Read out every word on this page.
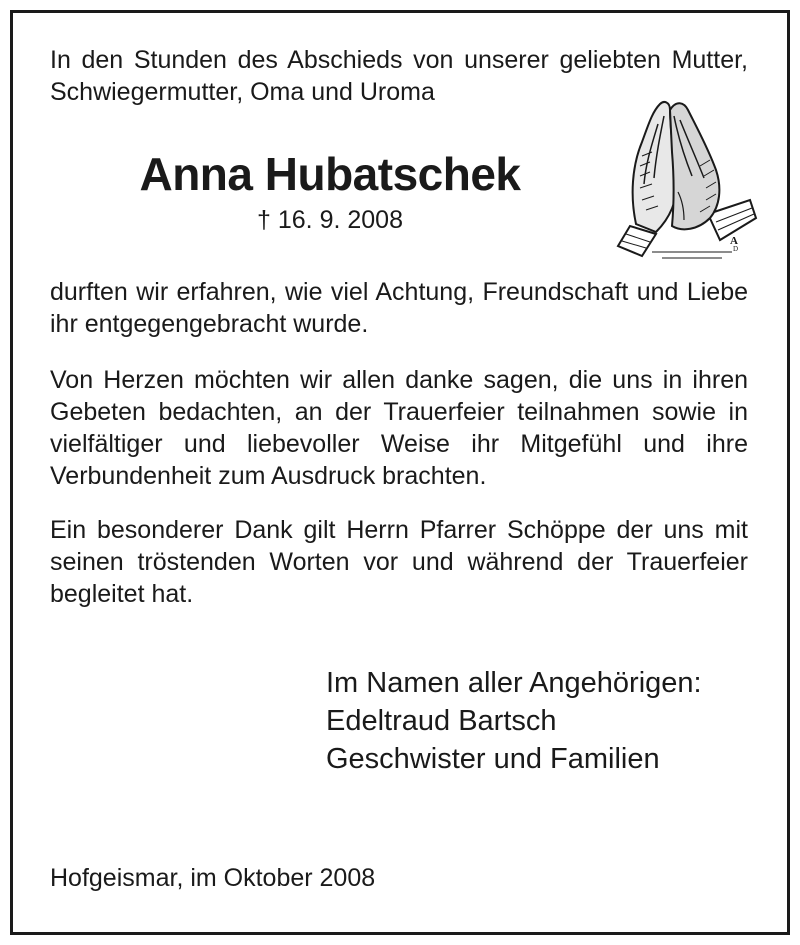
In den Stunden des Abschieds von unserer geliebten Mutter, Schwiegermutter, Oma und Uroma

Anna Hubatschek
† 16. 9. 2008
A
D

durften wir erfahren, wie viel Achtung, Freundschaft und Liebe ihr entgegengebracht wurde.

Von Herzen möchten wir allen danke sagen, die uns in ihren Gebeten bedachten, an der Trauerfeier teilnahmen sowie in vielfältiger und liebevoller Weise ihr Mitgefühl und ihre Verbundenheit zum Ausdruck brachten.

Ein besonderer Dank gilt Herrn Pfarrer Schöppe der uns mit seinen tröstenden Worten vor und während der Trauerfeier begleitet hat.

Im Namen aller Angehörigen:
Edeltraud Bartsch
Geschwister und Familien
Hofgeismar, im Oktober 2008
